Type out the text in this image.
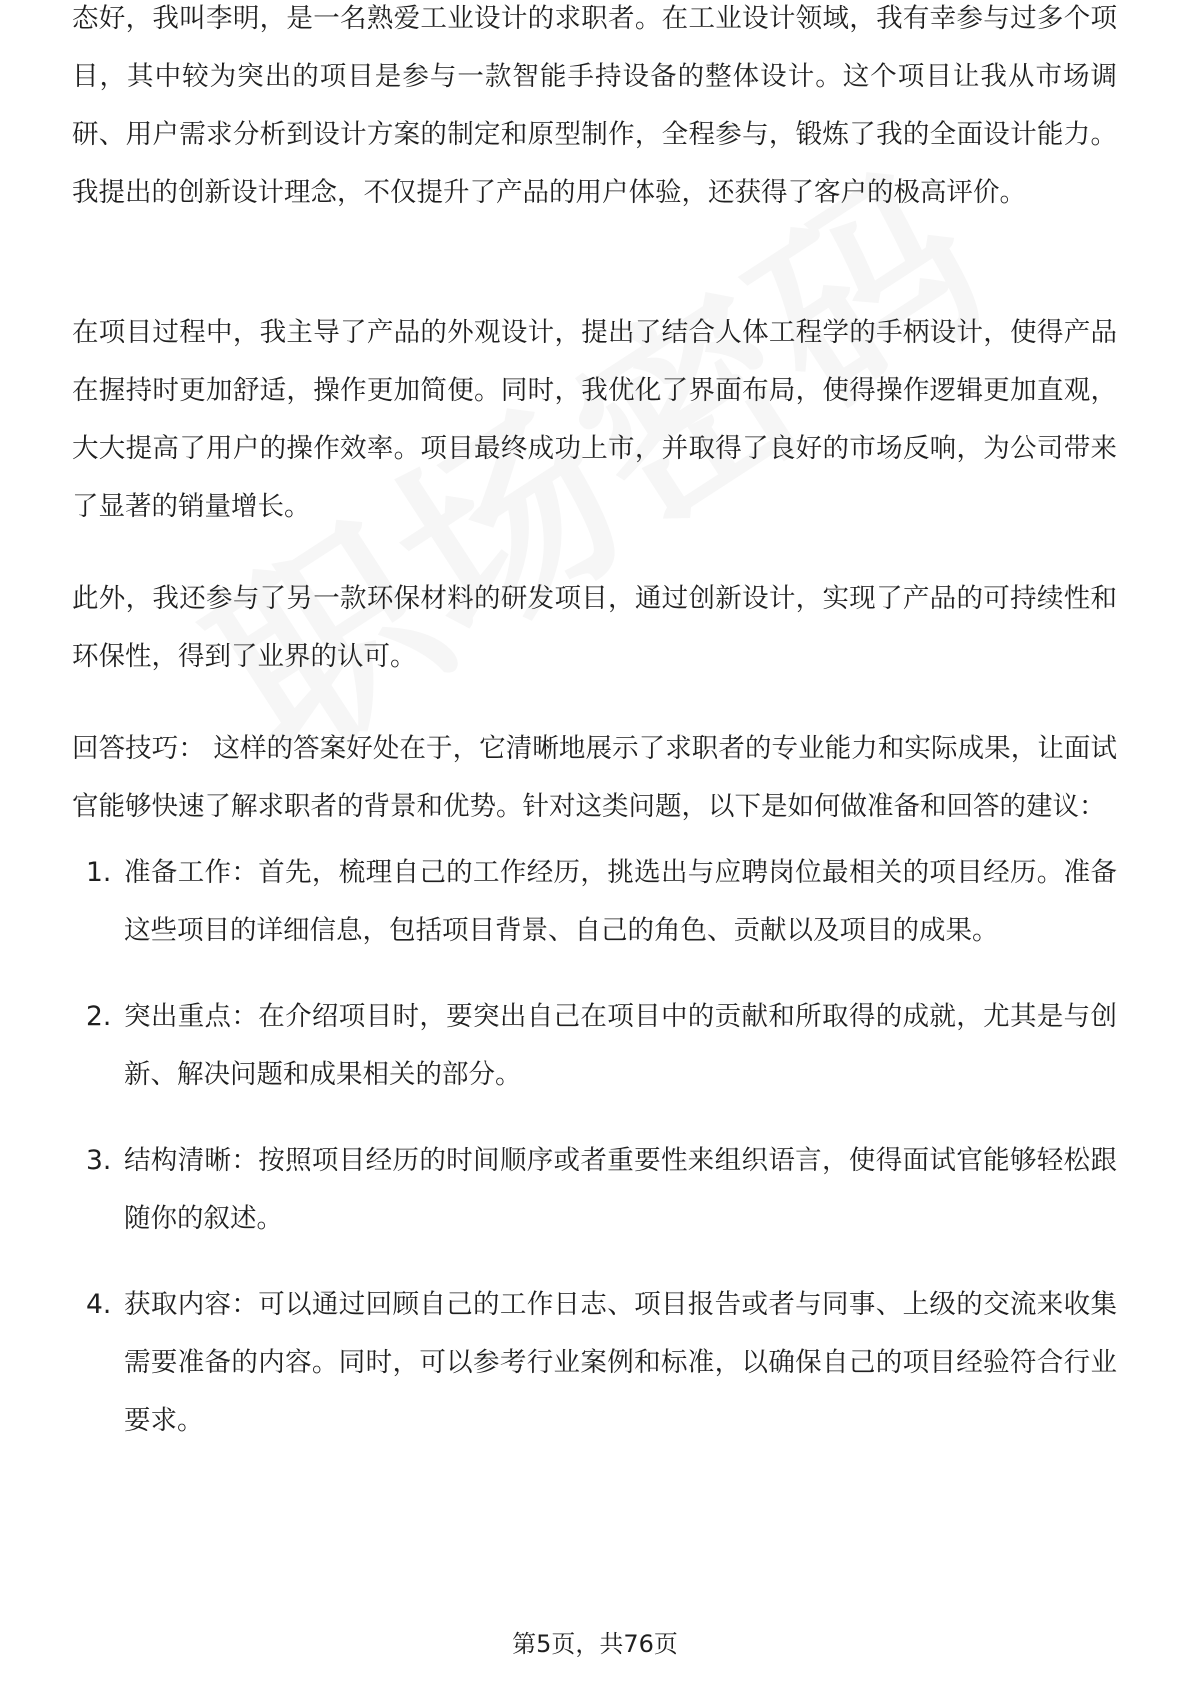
态好，我叫李明，是一名熟爱工业设计的求职者。在工业设计领域，我有幸参与过多个项目，其中较为突出的项目是参与一款智能手持设备的整体设计。这个项目让我从市场调研、用户需求分析到设计方案的制定和原型制作，全程参与，锻炼了我的全面设计能力。我提出的创新设计理念，不仅提升了产品的用户体验，还获得了客户的极高评价。

在项目过程中，我主导了产品的外观设计，提出了结合人体工程学的手柄设计，使得产品在握持时更加舒适，操作更加简便。同时，我优化了界面布局，使得操作逻辑更加直观，大大提高了用户的操作效率。项目最终成功上市，并取得了良好的市场反响，为公司带来了显著的销量增长。

此外，我还参与了另一款环保材料的研发项目，通过创新设计，实现了产品的可持续性和环保性，得到了业界的认可。

回答技巧： 这样的答案好处在于，它清晰地展示了求职者的专业能力和实际成果，让面试官能够快速了解求职者的背景和优势。针对这类问题，以下是如何做准备和回答的建议：

1. 准备工作：首先，梳理自己的工作经历，挑选出与应聘岗位最相关的项目经历。准备这些项目的详细信息，包括项目背景、自己的角色、贡献以及项目的成果。
2. 突出重点：在介绍项目时，要突出自己在项目中的贡献和所取得的成就，尤其是与创新、解决问题和成果相关的部分。
3. 结构清晰：按照项目经历的时间顺序或者重要性来组织语言，使得面试官能够轻松跟随你的叙述。
4. 获取内容：可以通过回顾自己的工作日志、项目报告或者与同事、上级的交流来收集需要准备的内容。同时，可以参考行业案例和标准，以确保自己的项目经验符合行业要求。
第5页，共76页
